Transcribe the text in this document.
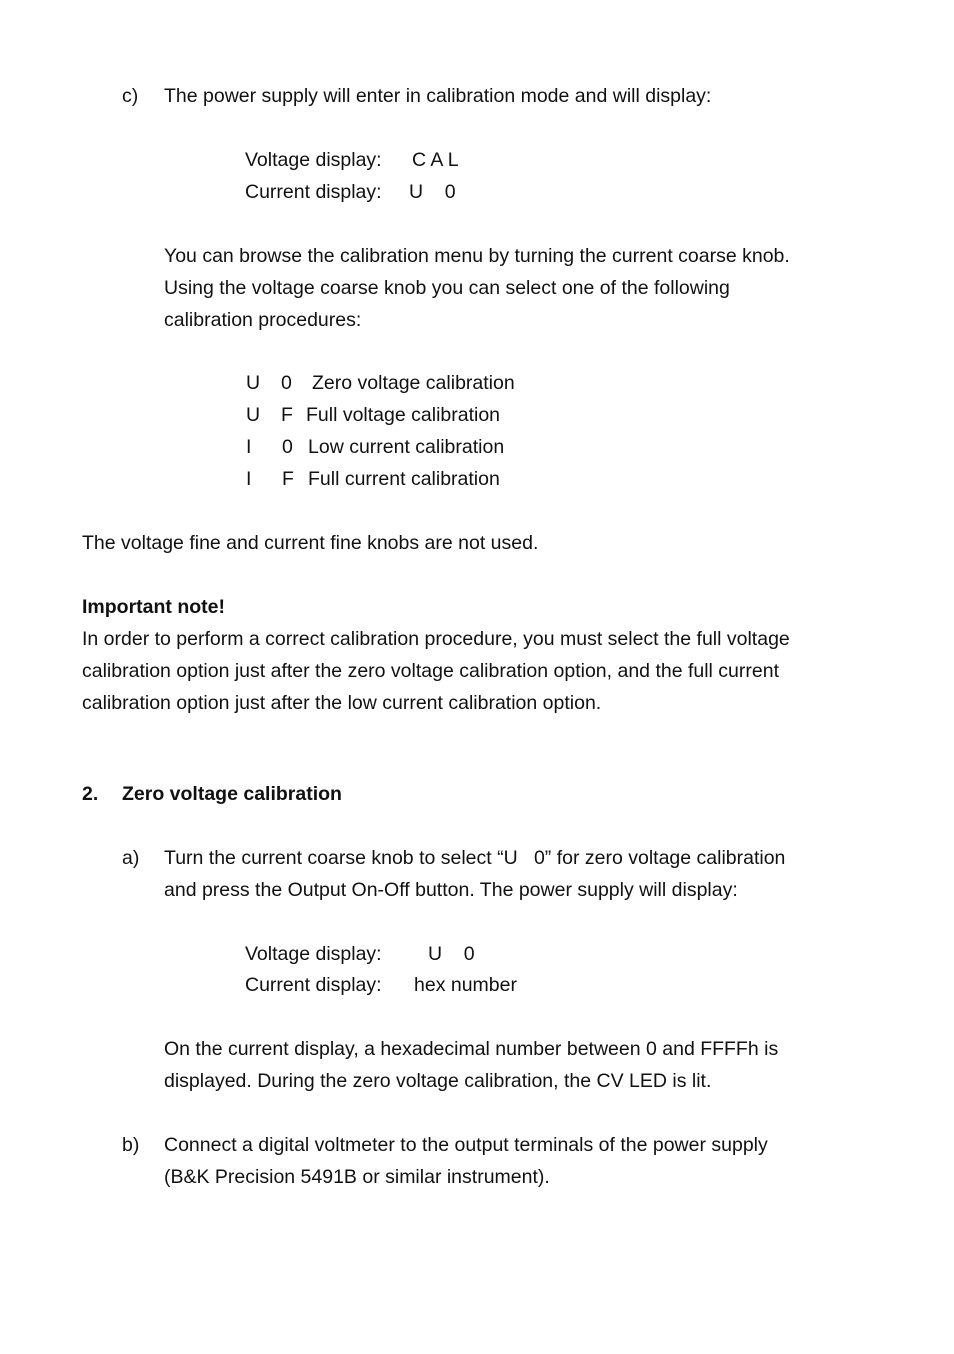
c) The power supply will enter in calibration mode and will display:
Voltage display: C A L
Current display: U    0
You can browse the calibration menu by turning the current coarse knob.
Using the voltage coarse knob you can select one of the following
calibration procedures:
U 0 Zero voltage calibration
U F Full voltage calibration
I 0 Low current calibration
I F Full current calibration
The voltage fine and current fine knobs are not used.
Important note!
In order to perform a correct calibration procedure, you must select the full voltage
calibration option just after the zero voltage calibration option, and the full current
calibration option just after the low current calibration option.
2. Zero voltage calibration
a) Turn the current coarse knob to select “U   0” for zero voltage calibration
and press the Output On-Off button. The power supply will display:
Voltage display: U    0
Current display: hex number
On the current display, a hexadecimal number between 0 and FFFFh is
displayed. During the zero voltage calibration, the CV LED is lit.
b) Connect a digital voltmeter to the output terminals of the power supply
(B&K Precision 5491B or similar instrument).
